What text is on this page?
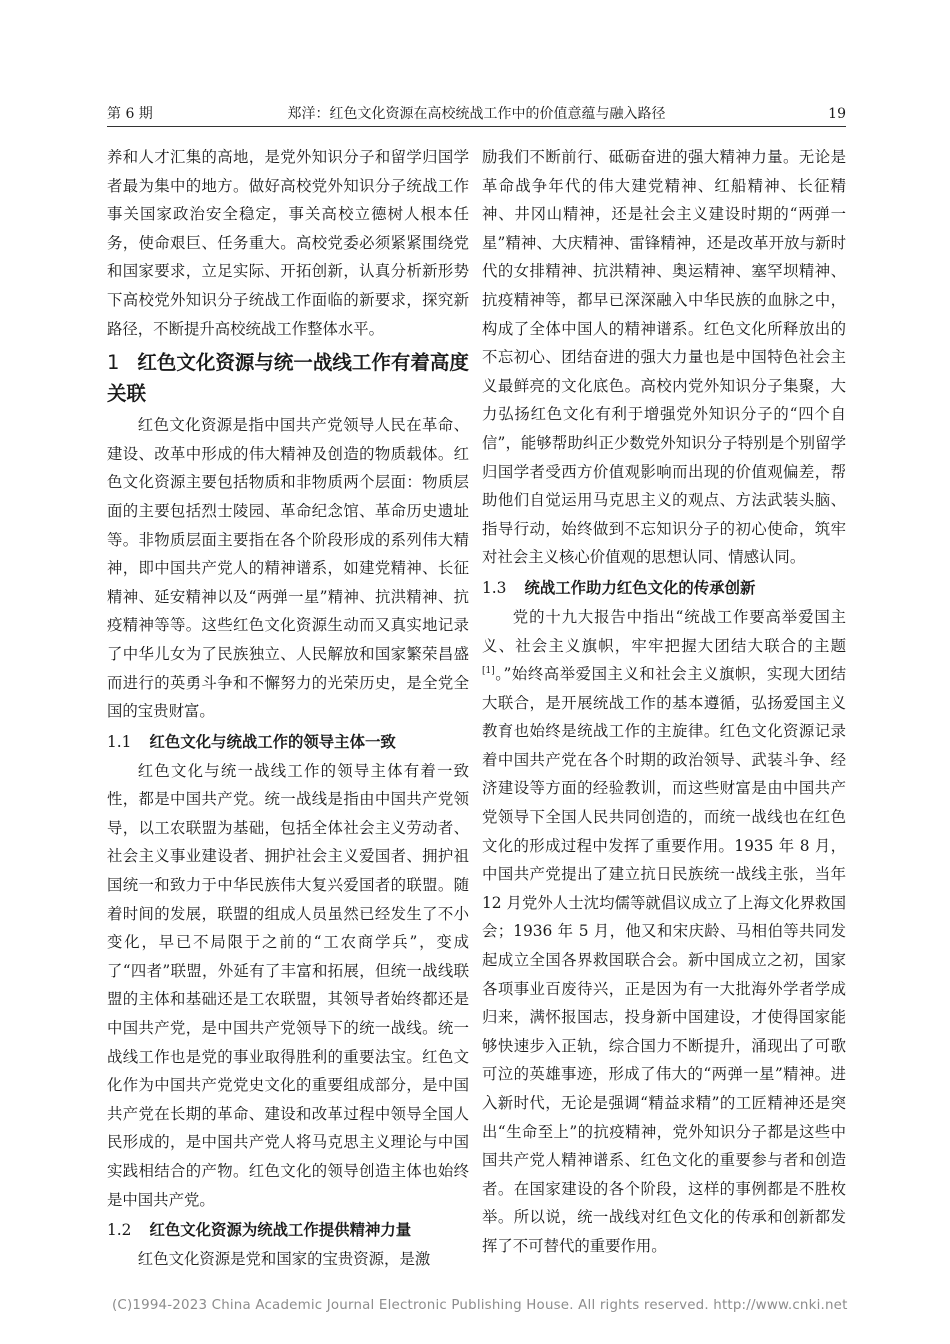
第 6 期	郑洋：红色文化资源在高校统战工作中的价值意蕴与融入路径	19

养和人才汇集的高地，是党外知识分子和留学归国学者最为集中的地方。做好高校党外知识分子统战工作事关国家政治安全稳定，事关高校立德树人根本任务，使命艰巨、任务重大。高校党委必须紧紧围绕党和国家要求，立足实际、开拓创新，认真分析新形势下高校党外知识分子统战工作面临的新要求，探究新路径，不断提升高校统战工作整体水平。

1 红色文化资源与统一战线工作有着高度关联

红色文化资源是指中国共产党领导人民在革命、建设、改革中形成的伟大精神及创造的物质载体。红色文化资源主要包括物质和非物质两个层面：物质层面的主要包括烈士陵园、革命纪念馆、革命历史遗址等。非物质层面主要指在各个阶段形成的系列伟大精神，即中国共产党人的精神谱系，如建党精神、长征精神、延安精神以及“两弹一星”精神、抗洪精神、抗疫精神等等。这些红色文化资源生动而又真实地记录了中华儿女为了民族独立、人民解放和国家繁荣昌盛而进行的英勇斗争和不懈努力的光荣历史，是全党全国的宝贵财富。

1.1 红色文化与统战工作的领导主体一致

红色文化与统一战线工作的领导主体有着一致性，都是中国共产党。统一战线是指由中国共产党领导，以工农联盟为基础，包括全体社会主义劳动者、社会主义事业建设者、拥护社会主义爱国者、拥护祖国统一和致力于中华民族伟大复兴爱国者的联盟。随着时间的发展，联盟的组成人员虽然已经发生了不小变化，早已不局限于之前的“工农商学兵”，变成了“四者”联盟，外延有了丰富和拓展，但统一战线联盟的主体和基础还是工农联盟，其领导者始终都还是中国共产党，是中国共产党领导下的统一战线。统一战线工作也是党的事业取得胜利的重要法宝。红色文化作为中国共产党党史文化的重要组成部分，是中国共产党在长期的革命、建设和改革过程中领导全国人民形成的，是中国共产党人将马克思主义理论与中国实践相结合的产物。红色文化的领导创造主体也始终是中国共产党。

1.2 红色文化资源为统战工作提供精神力量

红色文化资源是党和国家的宝贵资源，是激

励我们不断前行、砥砺奋进的强大精神力量。无论是革命战争年代的伟大建党精神、红船精神、长征精神、井冈山精神，还是社会主义建设时期的“两弹一星”精神、大庆精神、雷锋精神，还是改革开放与新时代的女排精神、抗洪精神、奥运精神、塞罕坝精神、抗疫精神等，都早已深深融入中华民族的血脉之中，构成了全体中国人的精神谱系。红色文化所释放出的不忘初心、团结奋进的强大力量也是中国特色社会主义最鲜亮的文化底色。高校内党外知识分子集聚，大力弘扬红色文化有利于增强党外知识分子的“四个自信”，能够帮助纠正少数党外知识分子特别是个别留学归国学者受西方价值观影响而出现的价值观偏差，帮助他们自觉运用马克思主义的观点、方法武装头脑、指导行动，始终做到不忘知识分子的初心使命，筑牢对社会主义核心价值观的思想认同、情感认同。

1.3 统战工作助力红色文化的传承创新

党的十九大报告中指出“统战工作要高举爱国主义、社会主义旗帜，牢牢把握大团结大联合的主题[1]。”始终高举爱国主义和社会主义旗帜，实现大团结大联合，是开展统战工作的基本遵循，弘扬爱国主义教育也始终是统战工作的主旋律。红色文化资源记录着中国共产党在各个时期的政治领导、武装斗争、经济建设等方面的经验教训，而这些财富是由中国共产党领导下全国人民共同创造的，而统一战线也在红色文化的形成过程中发挥了重要作用。1935 年 8 月，中国共产党提出了建立抗日民族统一战线主张，当年 12 月党外人士沈均儒等就倡议成立了上海文化界救国会；1936 年 5 月，他又和宋庆龄、马相伯等共同发起成立全国各界救国联合会。新中国成立之初，国家各项事业百废待兴，正是因为有一大批海外学者学成归来，满怀报国志，投身新中国建设，才使得国家能够快速步入正轨，综合国力不断提升，涌现出了可歌可泣的英雄事迹，形成了伟大的“两弹一星”精神。进入新时代，无论是强调“精益求精”的工匠精神还是突出“生命至上”的抗疫精神，党外知识分子都是这些中国共产党人精神谱系、红色文化的重要参与者和创造者。在国家建设的各个阶段，这样的事例都是不胜枚举。所以说，统一战线对红色文化的传承和创新都发挥了不可替代的重要作用。

(C)1994-2023 China Academic Journal Electronic Publishing House. All rights reserved. http://www.cnki.net
